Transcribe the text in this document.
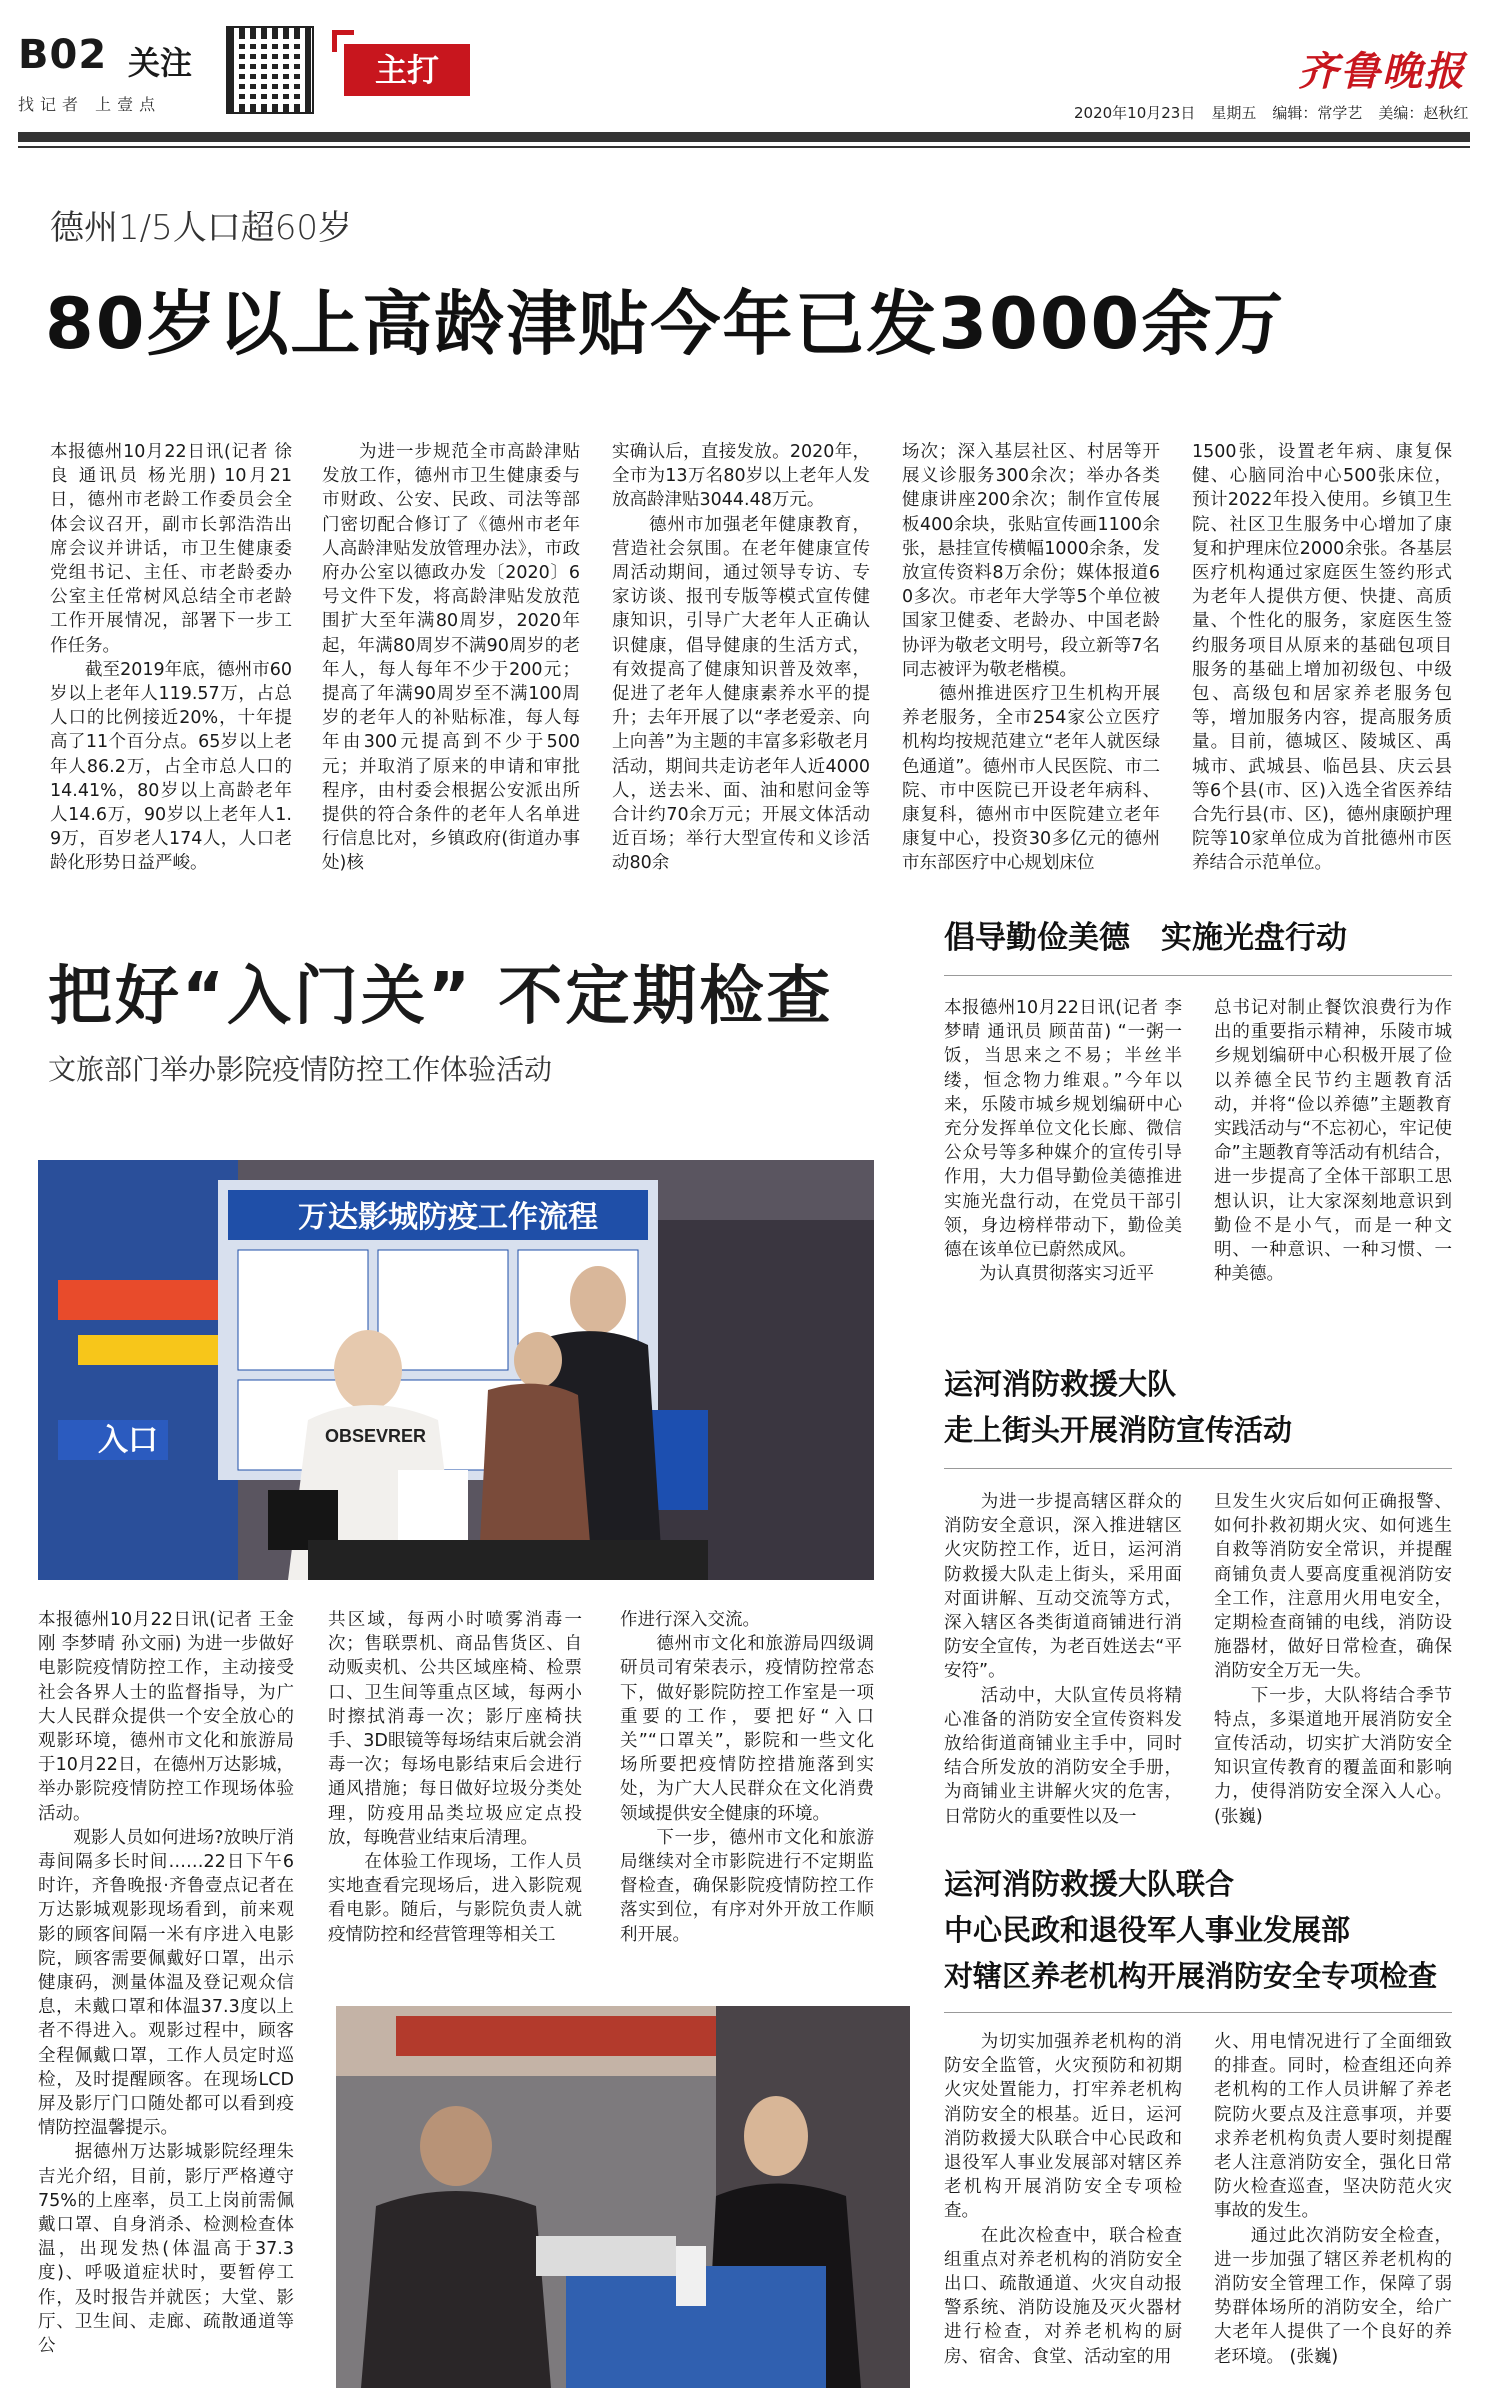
B02 关注
找记者 上壹点
主打	齐鲁晚报
2020年10月23日 星期五 编辑：常学艺 美编：赵秋红
德州1/5人口超60岁
80岁以上高龄津贴今年已发3000余万
本报德州10月22日讯(记者 徐良 通讯员 杨光朋) 10月21日，德州市老龄工作委员会全体会议召开，副市长郭浩浩出席会议并讲话，市卫生健康委党组书记、主任、市老龄委办公室主任常树风总结全市老龄工作开展情况，部署下一步工作任务。
　　截至2019年底，德州市60岁以上老年人119.57万，占总人口的比例接近20%，十年提高了11个百分点。65岁以上老年人86.2万，占全市总人口的14.41%，80岁以上高龄老年人14.6万，90岁以上老年人1.9万，百岁老人174人，人口老龄化形势日益严峻。
　　为进一步规范全市高龄津贴发放工作，德州市卫生健康委与市财政、公安、民政、司法等部门密切配合修订了《德州市老年人高龄津贴发放管理办法》，市政府办公室以德政办发〔2020〕6号文件下发，将高龄津贴发放范围扩大至年满80周岁，2020年起，年满80周岁不满90周岁的老年人，每人每年不少于200元；提高了年满90周岁至不满100周岁的老年人的补贴标准，每人每年由300元提高到不少于500元；并取消了原来的申请和审批程序，由村委会根据公安派出所提供的符合条件的老年人名单进行信息比对，乡镇政府(街道办事处)核
实确认后，直接发放。2020年，全市为13万名80岁以上老年人发放高龄津贴3044.48万元。
　　德州市加强老年健康教育，营造社会氛围。在老年健康宣传周活动期间，通过领导专访、专家访谈、报刊专版等模式宣传健康知识，引导广大老年人正确认识健康，倡导健康的生活方式，有效提高了健康知识普及效率，促进了老年人健康素养水平的提升；去年开展了以“孝老爱亲、向上向善”为主题的丰富多彩敬老月活动，期间共走访老年人近4000人，送去米、面、油和慰问金等合计约70余万元；开展文体活动近百场；举行大型宣传和义诊活动80余
场次；深入基层社区、村居等开展义诊服务300余次；举办各类健康讲座200余次；制作宣传展板400余块，张贴宣传画1100余张，悬挂宣传横幅1000余条，发放宣传资料8万余份；媒体报道60多次。市老年大学等5个单位被国家卫健委、老龄办、中国老龄协评为敬老文明号，段立新等7名同志被评为敬老楷模。
　　德州推进医疗卫生机构开展养老服务，全市254家公立医疗机构均按规范建立“老年人就医绿色通道”。德州市人民医院、市二院、市中医院已开设老年病科、康复科，德州市中医院建立老年康复中心，投资30多亿元的德州市东部医疗中心规划床位
1500张，设置老年病、康复保健、心脑同治中心500张床位，预计2022年投入使用。乡镇卫生院、社区卫生服务中心增加了康复和护理床位2000余张。各基层医疗机构通过家庭医生签约形式为老年人提供方便、快捷、高质量、个性化的服务，家庭医生签约服务项目从原来的基础包项目服务的基础上增加初级包、中级包、高级包和居家养老服务包等，增加服务内容，提高服务质量。目前，德城区、陵城区、禹城市、武城县、临邑县、庆云县等6个县(市、区)入选全省医养结合先行县(市、区)，德州康颐护理院等10家单位成为首批德州市医养结合示范单位。
把好“入门关” 不定期检查
文旅部门举办影院疫情防控工作体验活动
万达影城防疫工作流程
OBSEVRER
入口
本报德州10月22日讯(记者 王金刚 李梦晴 孙文丽) 为进一步做好电影院疫情防控工作，主动接受社会各界人士的监督指导，为广大人民群众提供一个安全放心的观影环境，德州市文化和旅游局于10月22日，在德州万达影城，举办影院疫情防控工作现场体验活动。
　　观影人员如何进场?放映厅消毒间隔多长时间……22日下午6时许，齐鲁晚报·齐鲁壹点记者在万达影城观影现场看到，前来观影的顾客间隔一米有序进入电影院，顾客需要佩戴好口罩，出示健康码，测量体温及登记观众信息，未戴口罩和体温37.3度以上者不得进入。观影过程中，顾客全程佩戴口罩，工作人员定时巡检，及时提醒顾客。在现场LCD屏及影厅门口随处都可以看到疫情防控温馨提示。
　　据德州万达影城影院经理朱吉光介绍，目前，影厅严格遵守75%的上座率，员工上岗前需佩戴口罩、自身消杀、检测检查体温，出现发热(体温高于37.3度)、呼吸道症状时，要暂停工作，及时报告并就医；大堂、影厅、卫生间、走廊、疏散通道等公
共区域，每两小时喷雾消毒一次；售联票机、商品售货区、自动贩卖机、公共区域座椅、检票口、卫生间等重点区域，每两小时擦拭消毒一次；影厅座椅扶手、3D眼镜等每场结束后就会消毒一次；每场电影结束后会进行通风措施；每日做好垃圾分类处理，防疫用品类垃圾应定点投放，每晚营业结束后清理。
　　在体验工作现场，工作人员实地查看完现场后，进入影院观看电影。随后，与影院负责人就疫情防控和经营管理等相关工
作进行深入交流。
　　德州市文化和旅游局四级调研员司宥荣表示，疫情防控常态下，做好影院防控工作室是一项重要的工作，要把好“入口关”“口罩关”，影院和一些文化场所要把疫情防控措施落到实处，为广大人民群众在文化消费领域提供安全健康的环境。
　　下一步，德州市文化和旅游局继续对全市影院进行不定期监督检查，确保影院疫情防控工作落实到位，有序对外开放工作顺利开展。
倡导勤俭美德　实施光盘行动
本报德州10月22日讯(记者 李梦晴 通讯员 顾苗苗) “一粥一饭，当思来之不易；半丝半缕，恒念物力维艰。”今年以来，乐陵市城乡规划编研中心充分发挥单位文化长廊、微信公众号等多种媒介的宣传引导作用，大力倡导勤俭美德推进实施光盘行动，在党员干部引领，身边榜样带动下，勤俭美德在该单位已蔚然成风。
　　为认真贯彻落实习近平
总书记对制止餐饮浪费行为作出的重要指示精神，乐陵市城乡规划编研中心积极开展了俭以养德全民节约主题教育活动，并将“俭以养德”主题教育实践活动与“不忘初心，牢记使命”主题教育等活动有机结合，进一步提高了全体干部职工思想认识，让大家深刻地意识到勤俭不是小气，而是一种文明、一种意识、一种习惯、一种美德。
运河消防救援大队
走上街头开展消防宣传活动
　　为进一步提高辖区群众的消防安全意识，深入推进辖区火灾防控工作，近日，运河消防救援大队走上街头，采用面对面讲解、互动交流等方式，深入辖区各类街道商铺进行消防安全宣传，为老百姓送去“平安符”。
　　活动中，大队宣传员将精心准备的消防安全宣传资料发放给街道商铺业主手中，同时结合所发放的消防安全手册，为商铺业主讲解火灾的危害，日常防火的重要性以及一
旦发生火灾后如何正确报警、如何扑救初期火灾、如何逃生自救等消防安全常识，并提醒商铺负责人要高度重视消防安全工作，注意用火用电安全，定期检查商铺的电线，消防设施器材，做好日常检查，确保消防安全万无一失。
　　下一步，大队将结合季节特点，多渠道地开展消防安全宣传活动，切实扩大消防安全知识宣传教育的覆盖面和影响力，使得消防安全深入人心。 (张巍)
运河消防救援大队联合
中心民政和退役军人事业发展部
对辖区养老机构开展消防安全专项检查
　　为切实加强养老机构的消防安全监管，火灾预防和初期火灾处置能力，打牢养老机构消防安全的根基。近日，运河消防救援大队联合中心民政和退役军人事业发展部对辖区养老机构开展消防安全专项检查。
　　在此次检查中，联合检查组重点对养老机构的消防安全出口、疏散通道、火灾自动报警系统、消防设施及灭火器材进行检查，对养老机构的厨房、宿舍、食堂、活动室的用
火、用电情况进行了全面细致的排查。同时，检查组还向养老机构的工作人员讲解了养老院防火要点及注意事项，并要求养老机构负责人要时刻提醒老人注意消防安全，强化日常防火检查巡查，坚决防范火灾事故的发生。
　　通过此次消防安全检查，进一步加强了辖区养老机构的消防安全管理工作，保障了弱势群体场所的消防安全，给广大老年人提供了一个良好的养老环境。 (张巍)
